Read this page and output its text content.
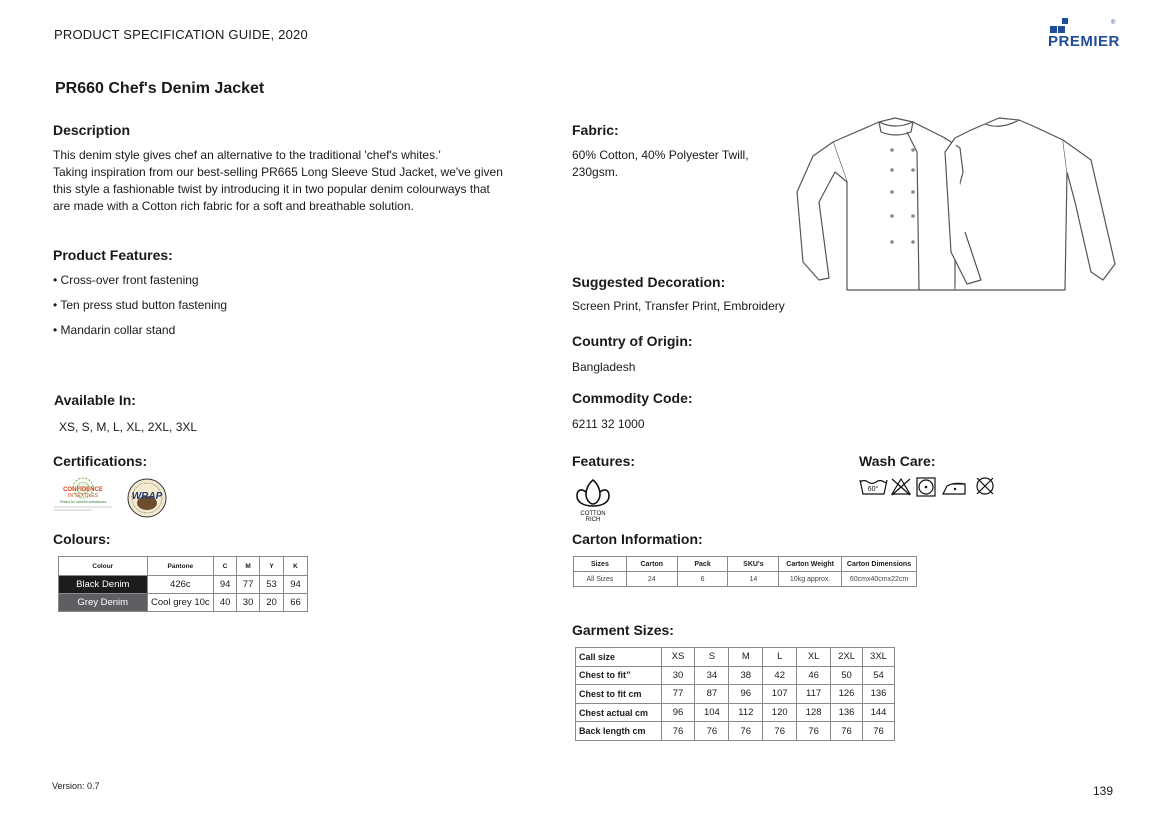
PRODUCT SPECIFICATION GUIDE, 2020
®
PREMIER
PR660 Chef's Denim Jacket
Description
This denim style gives chef an alternative to the traditional 'chef's whites.'
Taking inspiration from our best-selling PR665 Long Sleeve Stud Jacket, we've given
this style a fashionable twist by introducing it in two popular denim colourways that
are made with a Cotton rich fabric for a soft and breathable solution.
Product Features:
• Cross-over front fastening
• Ten press stud button fastening
• Mandarin collar stand
Available In:
XS, S, M, L, XL, 2XL, 3XL
Certifications:
CONFIDENCE
IN TEXTILES
Tested for harmful substances	WRAP
Colours:
Colour	Pantone	C	M	Y	K
Black Denim	426c	94	77	53	94
Grey Denim	Cool grey 10c	40	30	20	66
Fabric:
60% Cotton, 40% Polyester Twill,
230gsm.
Suggested Decoration:
Screen Print, Transfer Print, Embroidery
Country of Origin:
Bangladesh
Commodity Code:
6211 32 1000
Features:
COTTON
RICH
Wash Care:
60°
Carton Information:
Sizes	Carton	Pack	SKU's	Carton Weight	Carton Dimensions
All Sizes	24	6	14	10kg approx.	60cmx40cmx22cm
Garment Sizes:
Call size	XS	S	M	L	XL	2XL	3XL
Chest to fit”	30	34	38	42	46	50	54
Chest to fit cm	77	87	96	107	117	126	136
Chest actual cm	96	104	112	120	128	136	144
Back length cm	76	76	76	76	76	76	76
Version: 0.7	139
